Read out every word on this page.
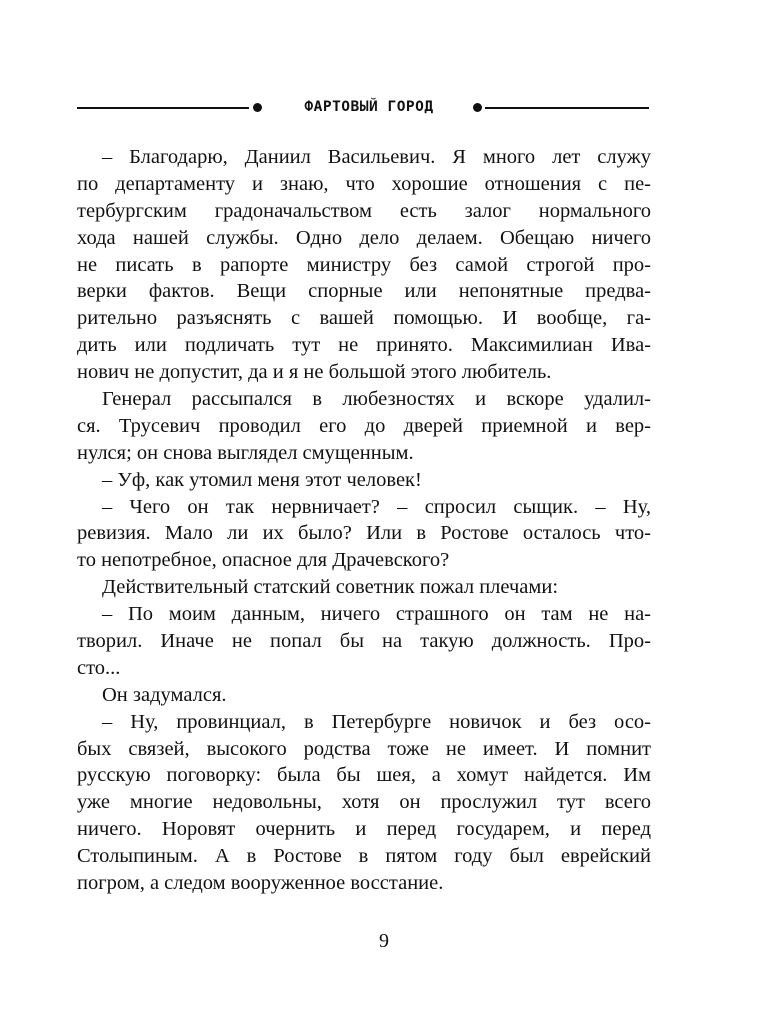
ФАРТОВЫЙ ГОРОД
– Благодарю, Даниил Васильевич. Я много лет служу
по департаменту и знаю, что хорошие отношения с пе-
тербургским градоначальством есть залог нормального
хода нашей службы. Одно дело делаем. Обещаю ничего
не писать в рапорте министру без самой строгой про-
верки фактов. Вещи спорные или непонятные предва-
рительно разъяснять с вашей помощью. И вообще, га-
дить или подличать тут не принято. Максимилиан Ива-
нович не допустит, да и я не большой этого любитель.
Генерал рассыпался в любезностях и вскоре удалил-
ся. Трусевич проводил его до дверей приемной и вер-
нулся; он снова выглядел смущенным.
– Уф, как утомил меня этот человек!
– Чего он так нервничает? – спросил сыщик. – Ну,
ревизия. Мало ли их было? Или в Ростове осталось что-
то непотребное, опасное для Драчевского?
Действительный статский советник пожал плечами:
– По моим данным, ничего страшного он там не на-
творил. Иначе не попал бы на такую должность. Про-
сто...
Он задумался.
– Ну, провинциал, в Петербурге новичок и без осо-
бых связей, высокого родства тоже не имеет. И помнит
русскую поговорку: была бы шея, а хомут найдется. Им
уже многие недовольны, хотя он прослужил тут всего
ничего. Норовят очернить и перед государем, и перед
Столыпиным. А в Ростове в пятом году был еврейский
погром, а следом вооруженное восстание.
9
